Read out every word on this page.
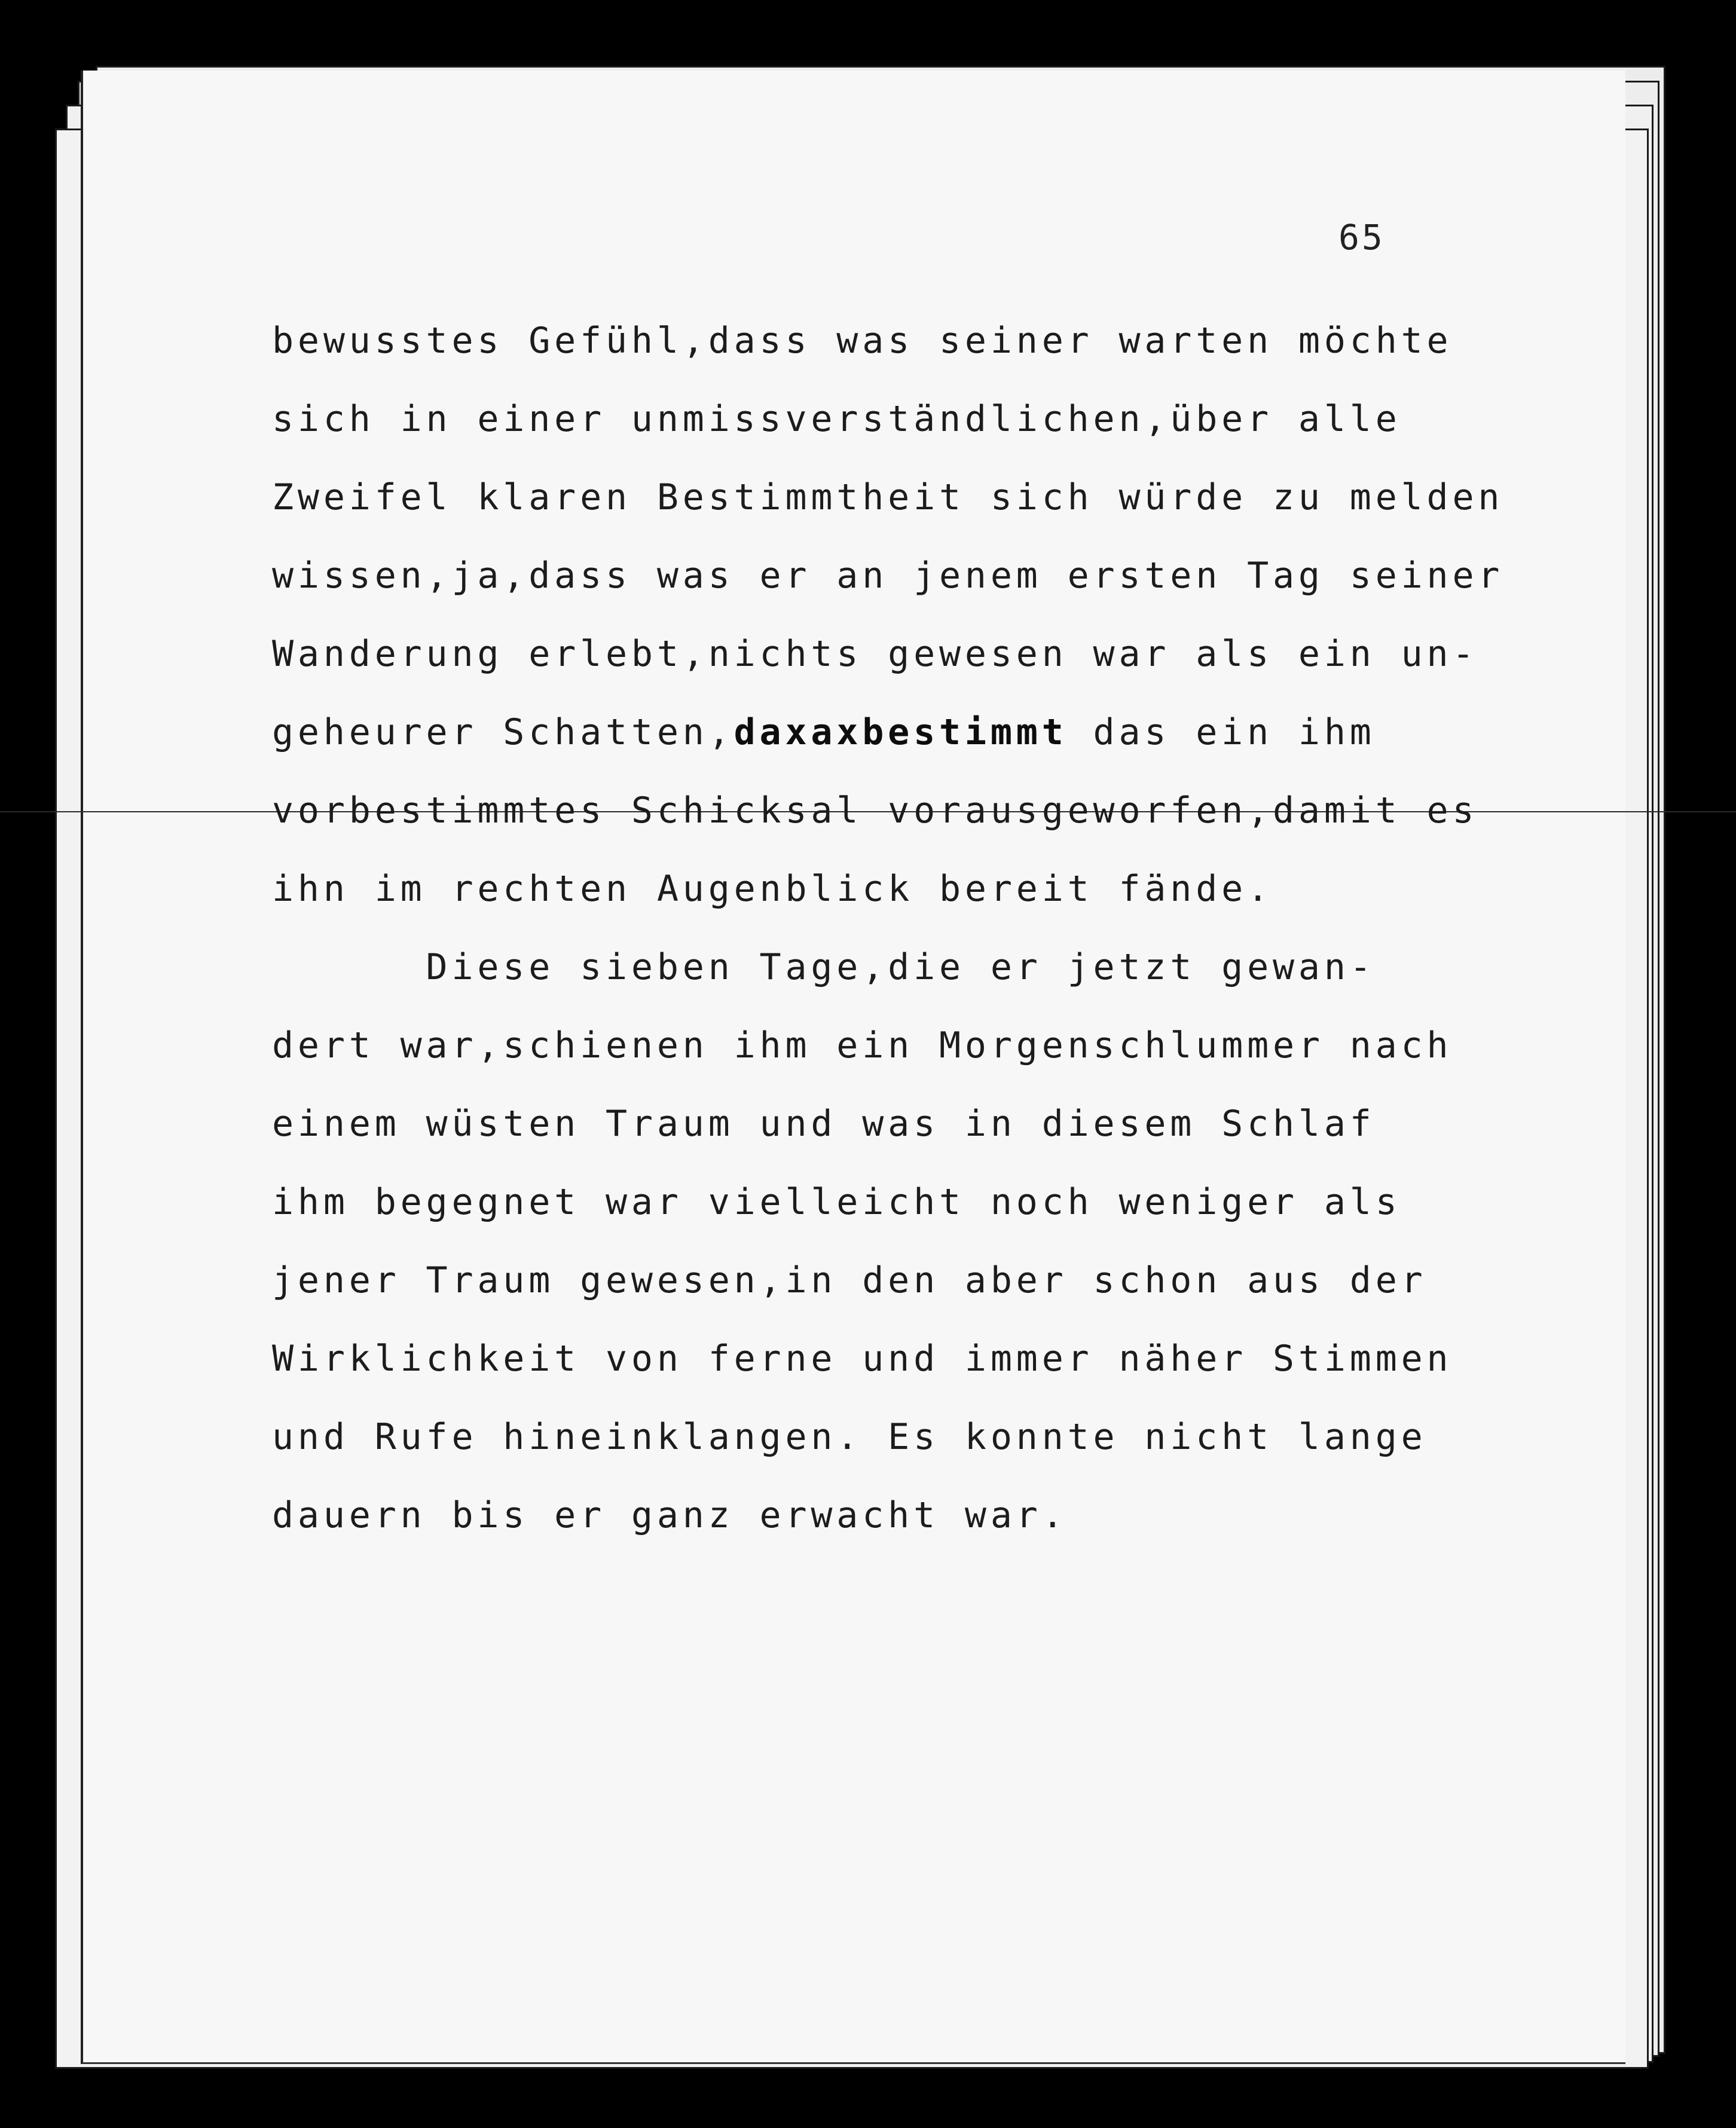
65
bewusstes Gefühl,dass was seiner warten möchte
sich in einer unmissverständlichen,über alle
Zweifel klaren Bestimmtheit sich würde zu melden
wissen,ja,dass was er an jenem ersten Tag seiner
Wanderung erlebt,nichts gewesen war als ein un-
geheurer Schatten,daxaxbestimmt das ein ihm
vorbestimmtes Schicksal vorausgeworfen,damit es
ihn im rechten Augenblick bereit fände.
Diese sieben Tage,die er jetzt gewan-
dert war,schienen ihm ein Morgenschlummer nach
einem wüsten Traum und was in diesem Schlaf
ihm begegnet war vielleicht noch weniger als
jener Traum gewesen,in den aber schon aus der
Wirklichkeit von ferne und immer näher Stimmen
und Rufe hineinklangen. Es konnte nicht lange
dauern bis er ganz erwacht war.
